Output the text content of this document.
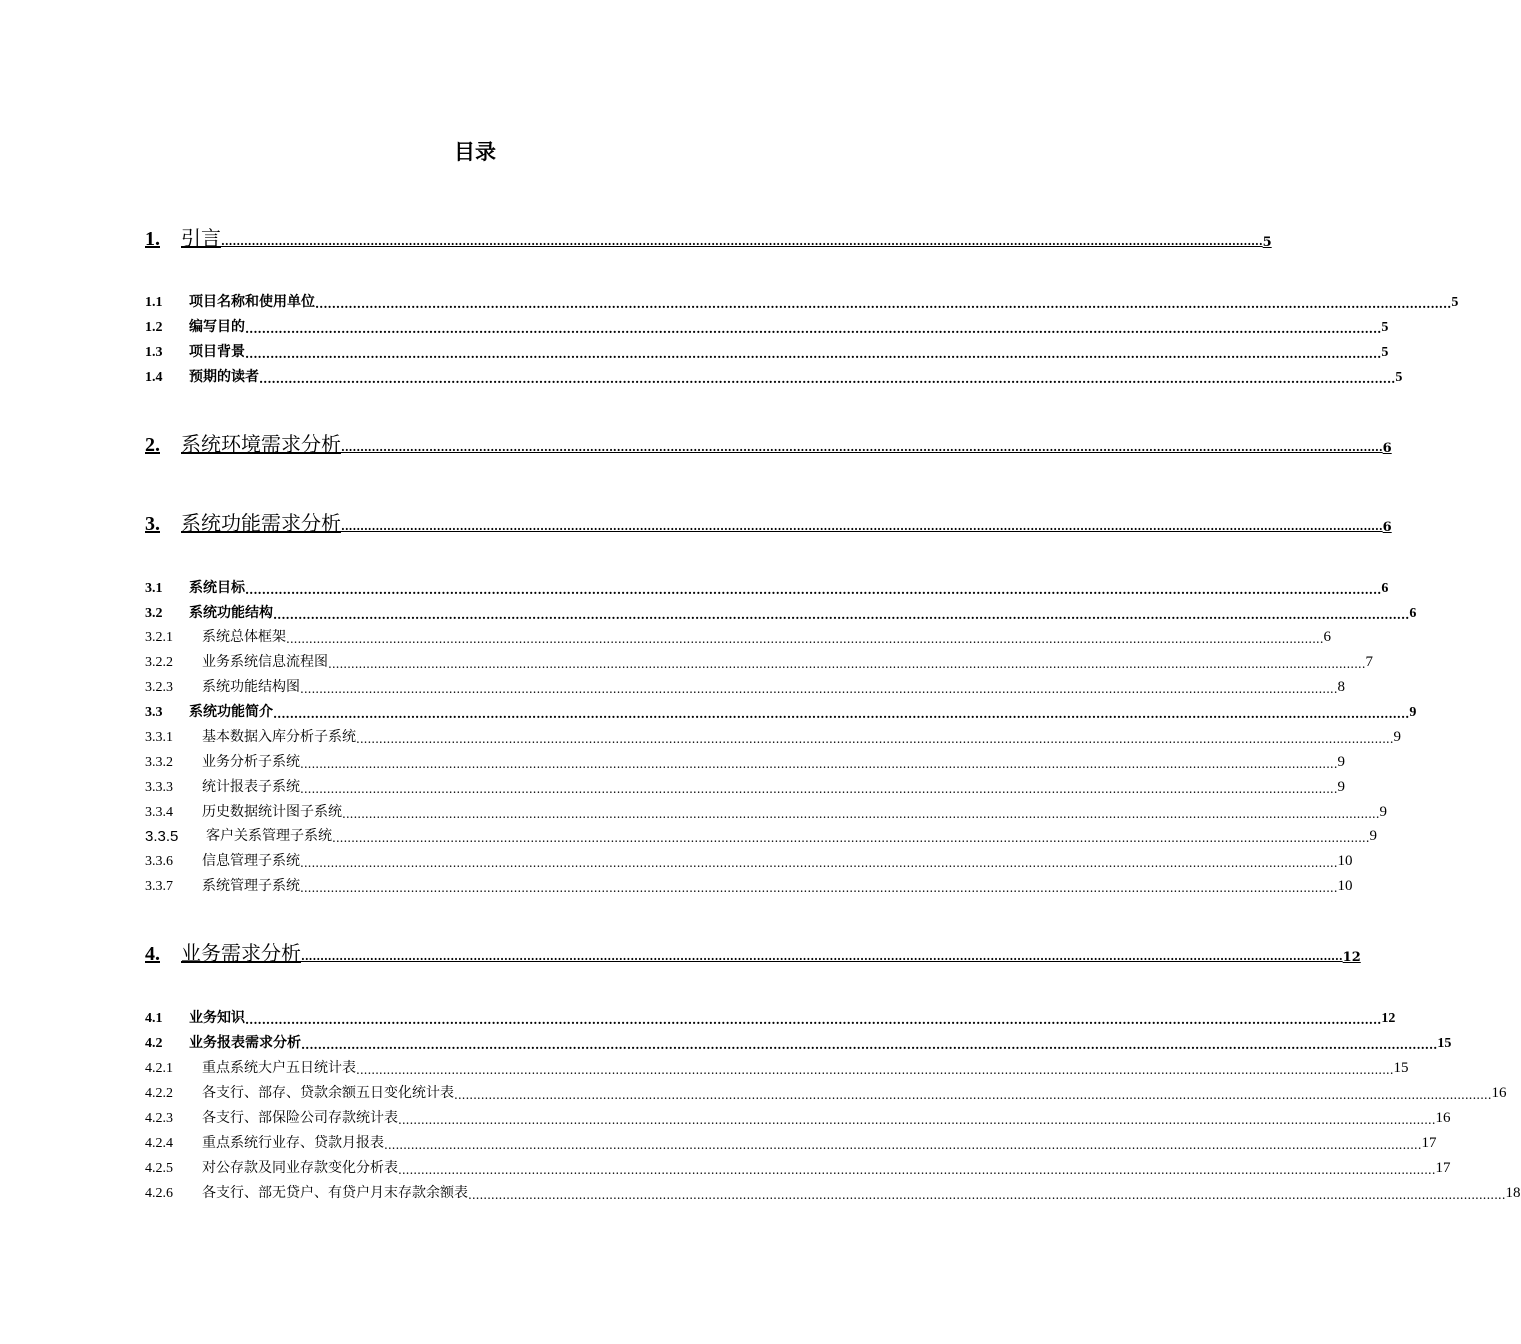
目录
1.	引言 ................................................................................................................................................................................................................................................................................ 5
1.1	项目名称和使用单位 ................................................................................................................................................................................................................................................................................ 5
1.2	编写目的 ................................................................................................................................................................................................................................................................................ 5
1.3	项目背景 ................................................................................................................................................................................................................................................................................ 5
1.4	预期的读者 ................................................................................................................................................................................................................................................................................ 5
2.	系统环境需求分析 ................................................................................................................................................................................................................................................................................ 6
3.	系统功能需求分析 ................................................................................................................................................................................................................................................................................ 6
3.1	系统目标 ................................................................................................................................................................................................................................................................................ 6
3.2	系统功能结构 ................................................................................................................................................................................................................................................................................ 6
3.2.1	系统总体框架 ................................................................................................................................................................................................................................................................................ 6
3.2.2	业务系统信息流程图 ................................................................................................................................................................................................................................................................................ 7
3.2.3	系统功能结构图 ................................................................................................................................................................................................................................................................................ 8
3.3	系统功能简介 ................................................................................................................................................................................................................................................................................ 9
3.3.1	基本数据入库分析子系统 ................................................................................................................................................................................................................................................................................ 9
3.3.2	业务分析子系统 ................................................................................................................................................................................................................................................................................ 9
3.3.3	统计报表子系统 ................................................................................................................................................................................................................................................................................ 9
3.3.4	历史数据统计图子系统 ................................................................................................................................................................................................................................................................................ 9
3.3.5	客户关系管理子系统 ................................................................................................................................................................................................................................................................................ 9
3.3.6	信息管理子系统 ................................................................................................................................................................................................................................................................................ 10
3.3.7	系统管理子系统 ................................................................................................................................................................................................................................................................................ 10
4.	业务需求分析 ................................................................................................................................................................................................................................................................................ 12
4.1	业务知识 ................................................................................................................................................................................................................................................................................ 12
4.2	业务报表需求分析 ................................................................................................................................................................................................................................................................................ 15
4.2.1	重点系统大户五日统计表 ................................................................................................................................................................................................................................................................................ 15
4.2.2	各支行、部存、贷款余额五日变化统计表 ................................................................................................................................................................................................................................................................................ 16
4.2.3	各支行、部保险公司存款统计表 ................................................................................................................................................................................................................................................................................ 16
4.2.4	重点系统行业存、贷款月报表 ................................................................................................................................................................................................................................................................................ 17
4.2.5	对公存款及同业存款变化分析表 ................................................................................................................................................................................................................................................................................ 17
4.2.6	各支行、部无贷户、有贷户月末存款余额表 ................................................................................................................................................................................................................................................................................ 18
